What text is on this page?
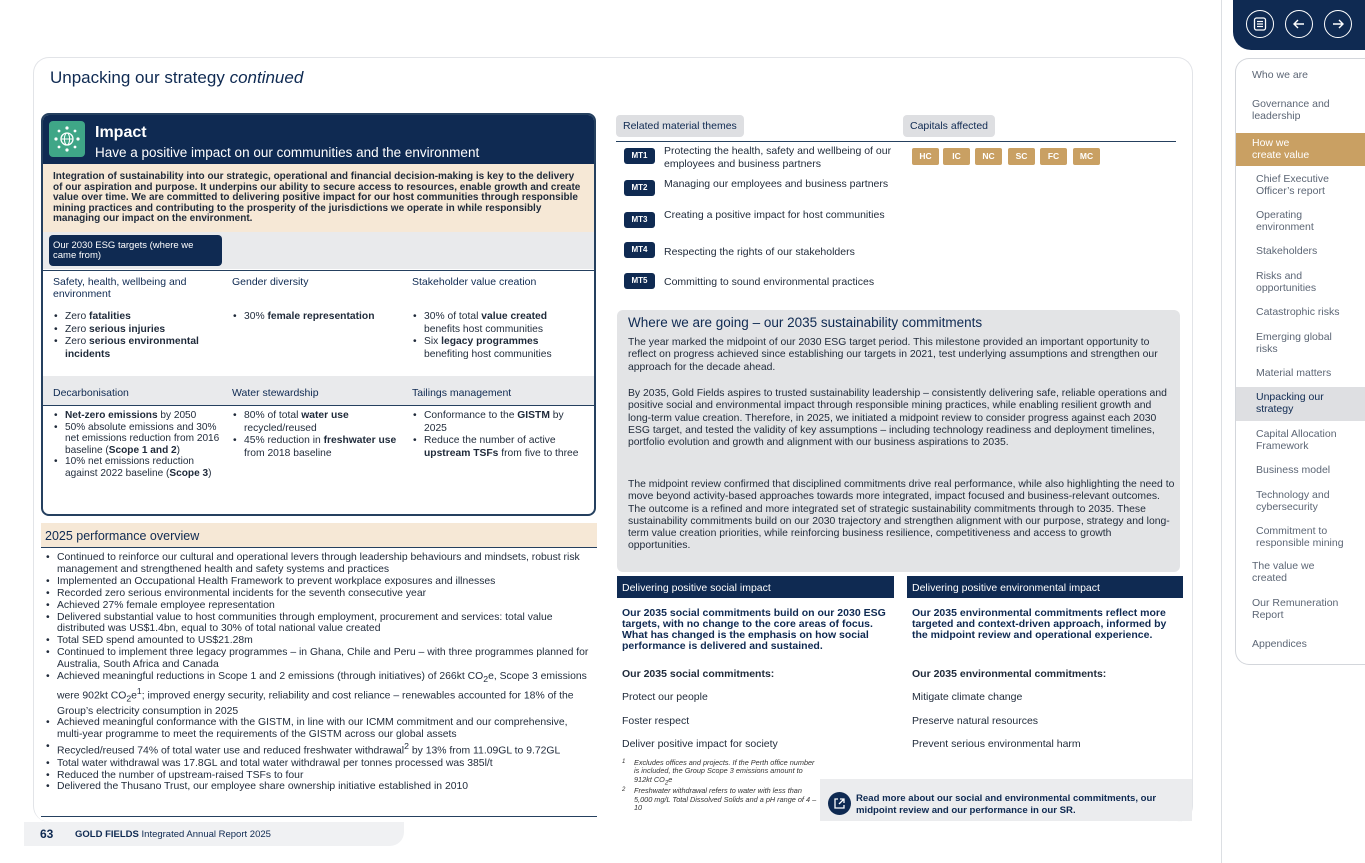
Who we are
Governance and leadership
How we create value
Chief Executive Officer’s report
Operating environment
Stakeholders
Risks and opportunities
Catastrophic risks
Emerging global risks
Material matters
Unpacking our strategy
Capital Allocation Framework
Business model
Technology and cybersecurity
Commitment to responsible mining
The value we created
Our Remuneration Report
Appendices
Unpacking our strategy continued
Impact
Have a positive impact on our communities and the environment
Integration of sustainability into our strategic, operational and financial decision-making is key to the delivery of our aspiration and purpose. It underpins our ability to secure access to resources, enable growth and create value over time. We are committed to delivering positive impact for our host communities through responsible mining practices and contributing to the prosperity of the jurisdictions we operate in while responsibly managing our impact on the environment.
Our 2030 ESG targets (where we came from)
Safety, health, wellbeing and environment
Gender diversity	Stakeholder value creation
• Zero fatalities
• Zero serious injuries
• Zero serious environmental incidents
• 30% female representation
•	30% of total value created benefits host communities
• Six legacy programmes benefiting host communities
Decarbonisation	Water stewardship	Tailings management
• Net-zero emissions by 2050
• 50% absolute emissions and 30% net emissions reduction from 2016 baseline (Scope 1 and 2)
• 10% net emissions reduction against 2022 baseline (Scope 3)
• 80% of total water use recycled/reused
• 45% reduction in freshwater use from 2018 baseline
• Conformance to the GISTM by 2025
• Reduce the number of active upstream TSFs from five to three
2025 performance overview
• Continued to reinforce our cultural and operational levers through leadership behaviours and mindsets, robust risk management and strengthened health and safety systems and practices
• Implemented an Occupational Health Framework to prevent workplace exposures and illnesses
• Recorded zero serious environmental incidents for the seventh consecutive year
• Achieved 27% female employee representation
• Delivered substantial value to host communities through employment, procurement and services: total value distributed was US$1.4bn, equal to 30% of total national value created
• Total SED spend amounted to US$21.28m
• Continued to implement three legacy programmes – in Ghana, Chile and Peru – with three programmes planned for Australia, South Africa and Canada
• Achieved meaningful reductions in Scope 1 and 2 emissions (through initiatives) of 266kt $CO_2e$, Scope 3 emissions were 902kt $CO_2e^1$; improved energy security, reliability and cost reliance – renewables accounted for 18% of the Group’s electricity consumption in 2025
• Achieved meaningful conformance with the GISTM, in line with our ICMM commitment and our comprehensive, multi-year programme to meet the requirements of the GISTM across our global assets
• Recycled/reused 74% of total water use and reduced freshwater withdrawal$^2$ by 13% from 11.09GL to 9.72GL
• Total water withdrawal was 17.8GL and total water withdrawal per tonnes processed was 385l/t
• Reduced the number of upstream-raised TSFs to four
• Delivered the Thusano Trust, our employee share ownership initiative established in 2010
63 GOLD FIELDS Integrated Annual Report 2025
Related material themes	Capitals affected
MT1	Protecting the health, safety and wellbeing of our employees and business partners
MT2	Managing our employees and business partners
MT3	Creating a positive impact for host communities
MT4	Respecting the rights of our stakeholders
MT5	Committing to sound environmental practices
HC	IC	NC	SC	FC	MC
Where we are going – our 2035 sustainability commitments
The year marked the midpoint of our 2030 ESG target period. This milestone provided an important opportunity to reflect on progress achieved since establishing our targets in 2021, test underlying assumptions and strengthen our approach for the decade ahead.
By 2035, Gold Fields aspires to trusted sustainability leadership – consistently delivering safe, reliable operations and positive social and environmental impact through responsible mining practices, while enabling resilient growth and long-term value creation. Therefore, in 2025, we initiated a midpoint review to consider progress against each 2030 ESG target, and tested the validity of key assumptions – including technology readiness and deployment timelines, portfolio evolution and growth and alignment with our business aspirations to 2035.
The midpoint review confirmed that disciplined commitments drive real performance, while also highlighting the need to move beyond activity-based approaches towards more integrated, impact focused and business-relevant outcomes. The outcome is a refined and more integrated set of strategic sustainability commitments through to 2035. These sustainability commitments build on our 2030 trajectory and strengthen alignment with our purpose, strategy and long-term value creation priorities, while reinforcing business resilience, competitiveness and access to growth opportunities.
Delivering positive social impact
Our 2035 social commitments build on our 2030 ESG targets, with no change to the core areas of focus. What has changed is the emphasis on how social performance is delivered and sustained.
Our 2035 social commitments:
Protect our people
Foster respect
Deliver positive impact for society
Delivering positive environmental impact
Our 2035 environmental commitments reflect more targeted and context-driven approach, informed by the midpoint review and operational experience.
Our 2035 environmental commitments:
Mitigate climate change
Preserve natural resources
Prevent serious environmental harm
1 Excludes offices and projects. If the Perth office number is included, the Group Scope 3 emissions amount to 912kt $CO_2e$
2 Freshwater withdrawal refers to water with less than 5,000 mg/L Total Dissolved Solids and a pH range of 4 – 10
Read more about our social and environmental commitments, our midpoint review and our performance in our SR.
